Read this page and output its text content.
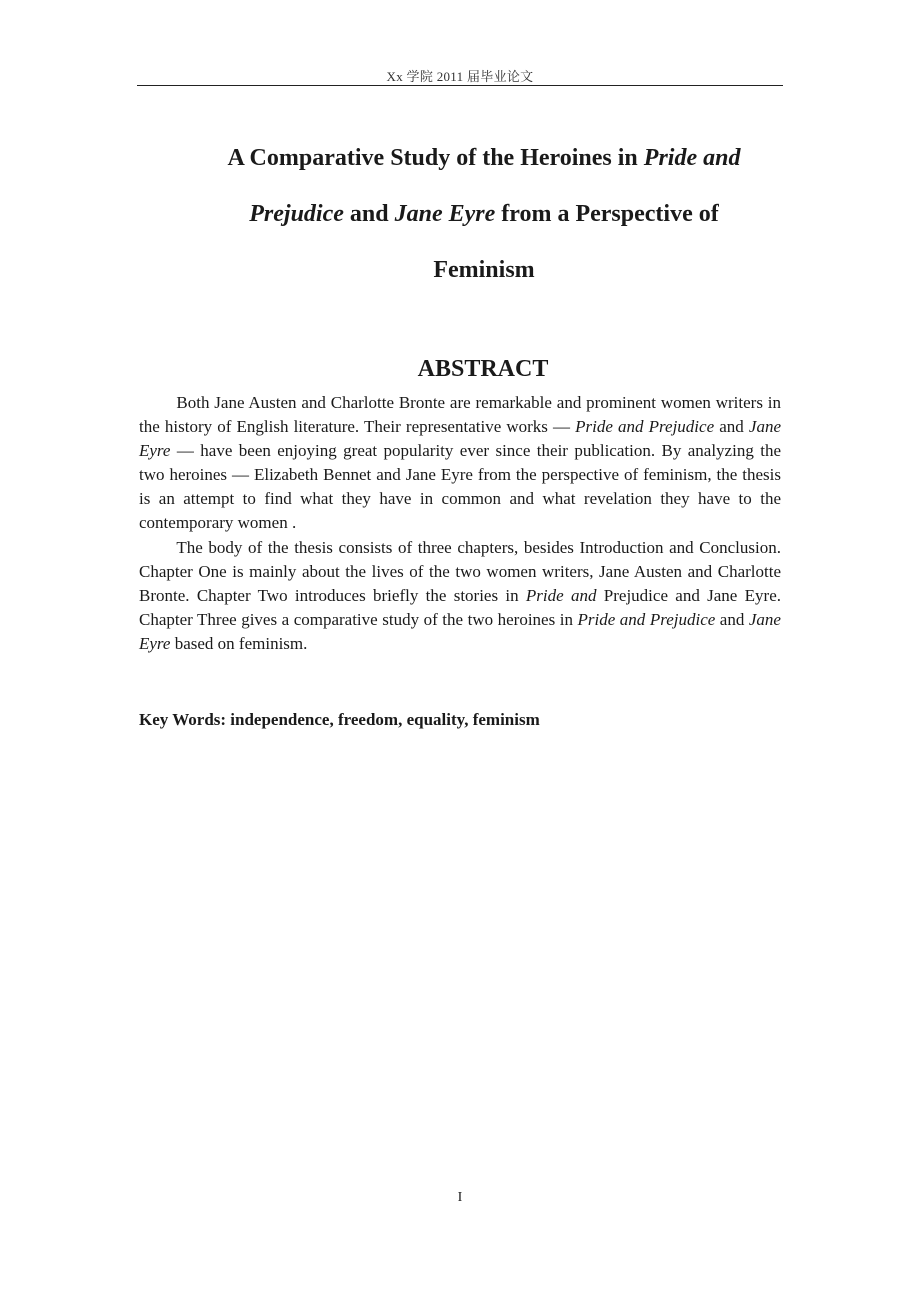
Xx 学院 2011 届毕业论文
A Comparative Study of the Heroines in Pride and
Prejudice and Jane Eyre from a Perspective of
Feminism
ABSTRACT

Both Jane Austen and Charlotte Bronte are remarkable and prominent women writers in the history of English literature. Their representative works — Pride and Prejudice and Jane Eyre — have been enjoying great popularity ever since their publication. By analyzing the two heroines — Elizabeth Bennet and Jane Eyre from the perspective of feminism, the thesis is an attempt to find what they have in common and what revelation they have to the contemporary women .

The body of the thesis consists of three chapters, besides Introduction and Conclusion. Chapter One is mainly about the lives of the two women writers, Jane Austen and Charlotte Bronte. Chapter Two introduces briefly the stories in Pride and Prejudice and Jane Eyre. Chapter Three gives a comparative study of the two heroines in Pride and Prejudice and Jane Eyre based on feminism.

Key Words: independence, freedom, equality, feminism

I
